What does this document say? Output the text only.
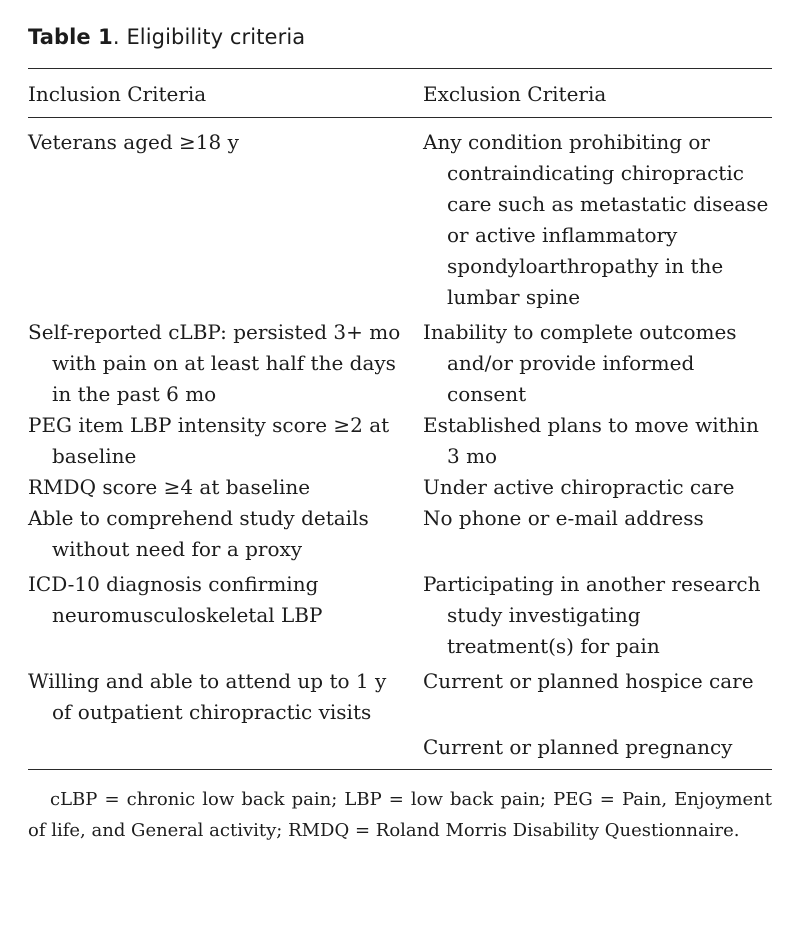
Table 1. Eligibility criteria
Inclusion Criteria	Exclusion Criteria

Veterans aged ≥18 y	Any condition prohibiting or contraindicating chiropractic care such as metastatic disease or active inflammatory spondyloarthropathy in the lumbar spine

Self-reported cLBP: persisted 3+ mo with pain on at least half the days in the past 6 mo	Inability to complete outcomes and/or provide informed consent

PEG item LBP intensity score ≥2 at baseline	Established plans to move within 3 mo

RMDQ score ≥4 at baseline	Under active chiropractic care

Able to comprehend study details without need for a proxy	No phone or e-mail address

ICD-10 diagnosis confirming neuromusculoskeletal LBP	Participating in another research study investigating treatment(s) for pain

Willing and able to attend up to 1 y of outpatient chiropractic visits	Current or planned hospice care

	Current or planned pregnancy

cLBP = chronic low back pain; LBP = low back pain; PEG = Pain, Enjoyment of life, and General activity; RMDQ = Roland Morris Disability Questionnaire.
